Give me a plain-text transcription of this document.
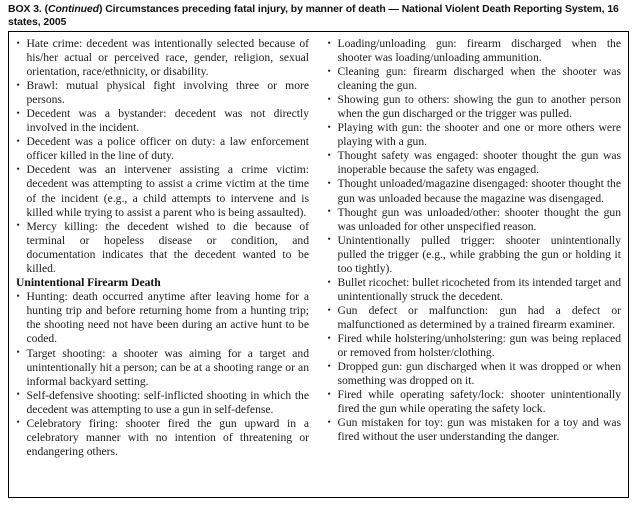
BOX 3. (Continued) Circumstances preceding fatal injury, by manner of death — National Violent Death Reporting System, 16 states, 2005
• Hate crime: decedent was intentionally selected because of his/her actual or perceived race, gender, religion, sexual orientation, race/ethnicity, or disability.
• Brawl: mutual physical fight involving three or more persons.
• Decedent was a bystander: decedent was not directly involved in the incident.
• Decedent was a police officer on duty: a law enforcement officer killed in the line of duty.
• Decedent was an intervener assisting a crime victim: decedent was attempting to assist a crime victim at the time of the incident (e.g., a child attempts to intervene and is killed while trying to assist a parent who is being assaulted).
• Mercy killing: the decedent wished to die because of terminal or hopeless disease or condition, and documentation indicates that the decedent wanted to be killed.
Unintentional Firearm Death
• Hunting: death occurred anytime after leaving home for a hunting trip and before returning home from a hunting trip; the shooting need not have been during an active hunt to be coded.
• Target shooting: a shooter was aiming for a target and unintentionally hit a person; can be at a shooting range or an informal backyard setting.
• Self-defensive shooting: self-inflicted shooting in which the decedent was attempting to use a gun in self-defense.
• Celebratory firing: shooter fired the gun upward in a celebratory manner with no intention of threatening or endangering others.
• Loading/unloading gun: firearm discharged when the shooter was loading/unloading ammunition.
• Cleaning gun: firearm discharged when the shooter was cleaning the gun.
• Showing gun to others: showing the gun to another person when the gun discharged or the trigger was pulled.
• Playing with gun: the shooter and one or more others were playing with a gun.
• Thought safety was engaged: shooter thought the gun was inoperable because the safety was engaged.
• Thought unloaded/magazine disengaged: shooter thought the gun was unloaded because the magazine was disengaged.
• Thought gun was unloaded/other: shooter thought the gun was unloaded for other unspecified reason.
• Unintentionally pulled trigger: shooter unintentionally pulled the trigger (e.g., while grabbing the gun or holding it too tightly).
• Bullet ricochet: bullet ricocheted from its intended target and unintentionally struck the decedent.
• Gun defect or malfunction: gun had a defect or malfunctioned as determined by a trained firearm examiner.
• Fired while holstering/unholstering: gun was being replaced or removed from holster/clothing.
• Dropped gun: gun discharged when it was dropped or when something was dropped on it.
• Fired while operating safety/lock: shooter unintentionally fired the gun while operating the safety lock.
• Gun mistaken for toy: gun was mistaken for a toy and was fired without the user understanding the danger.
